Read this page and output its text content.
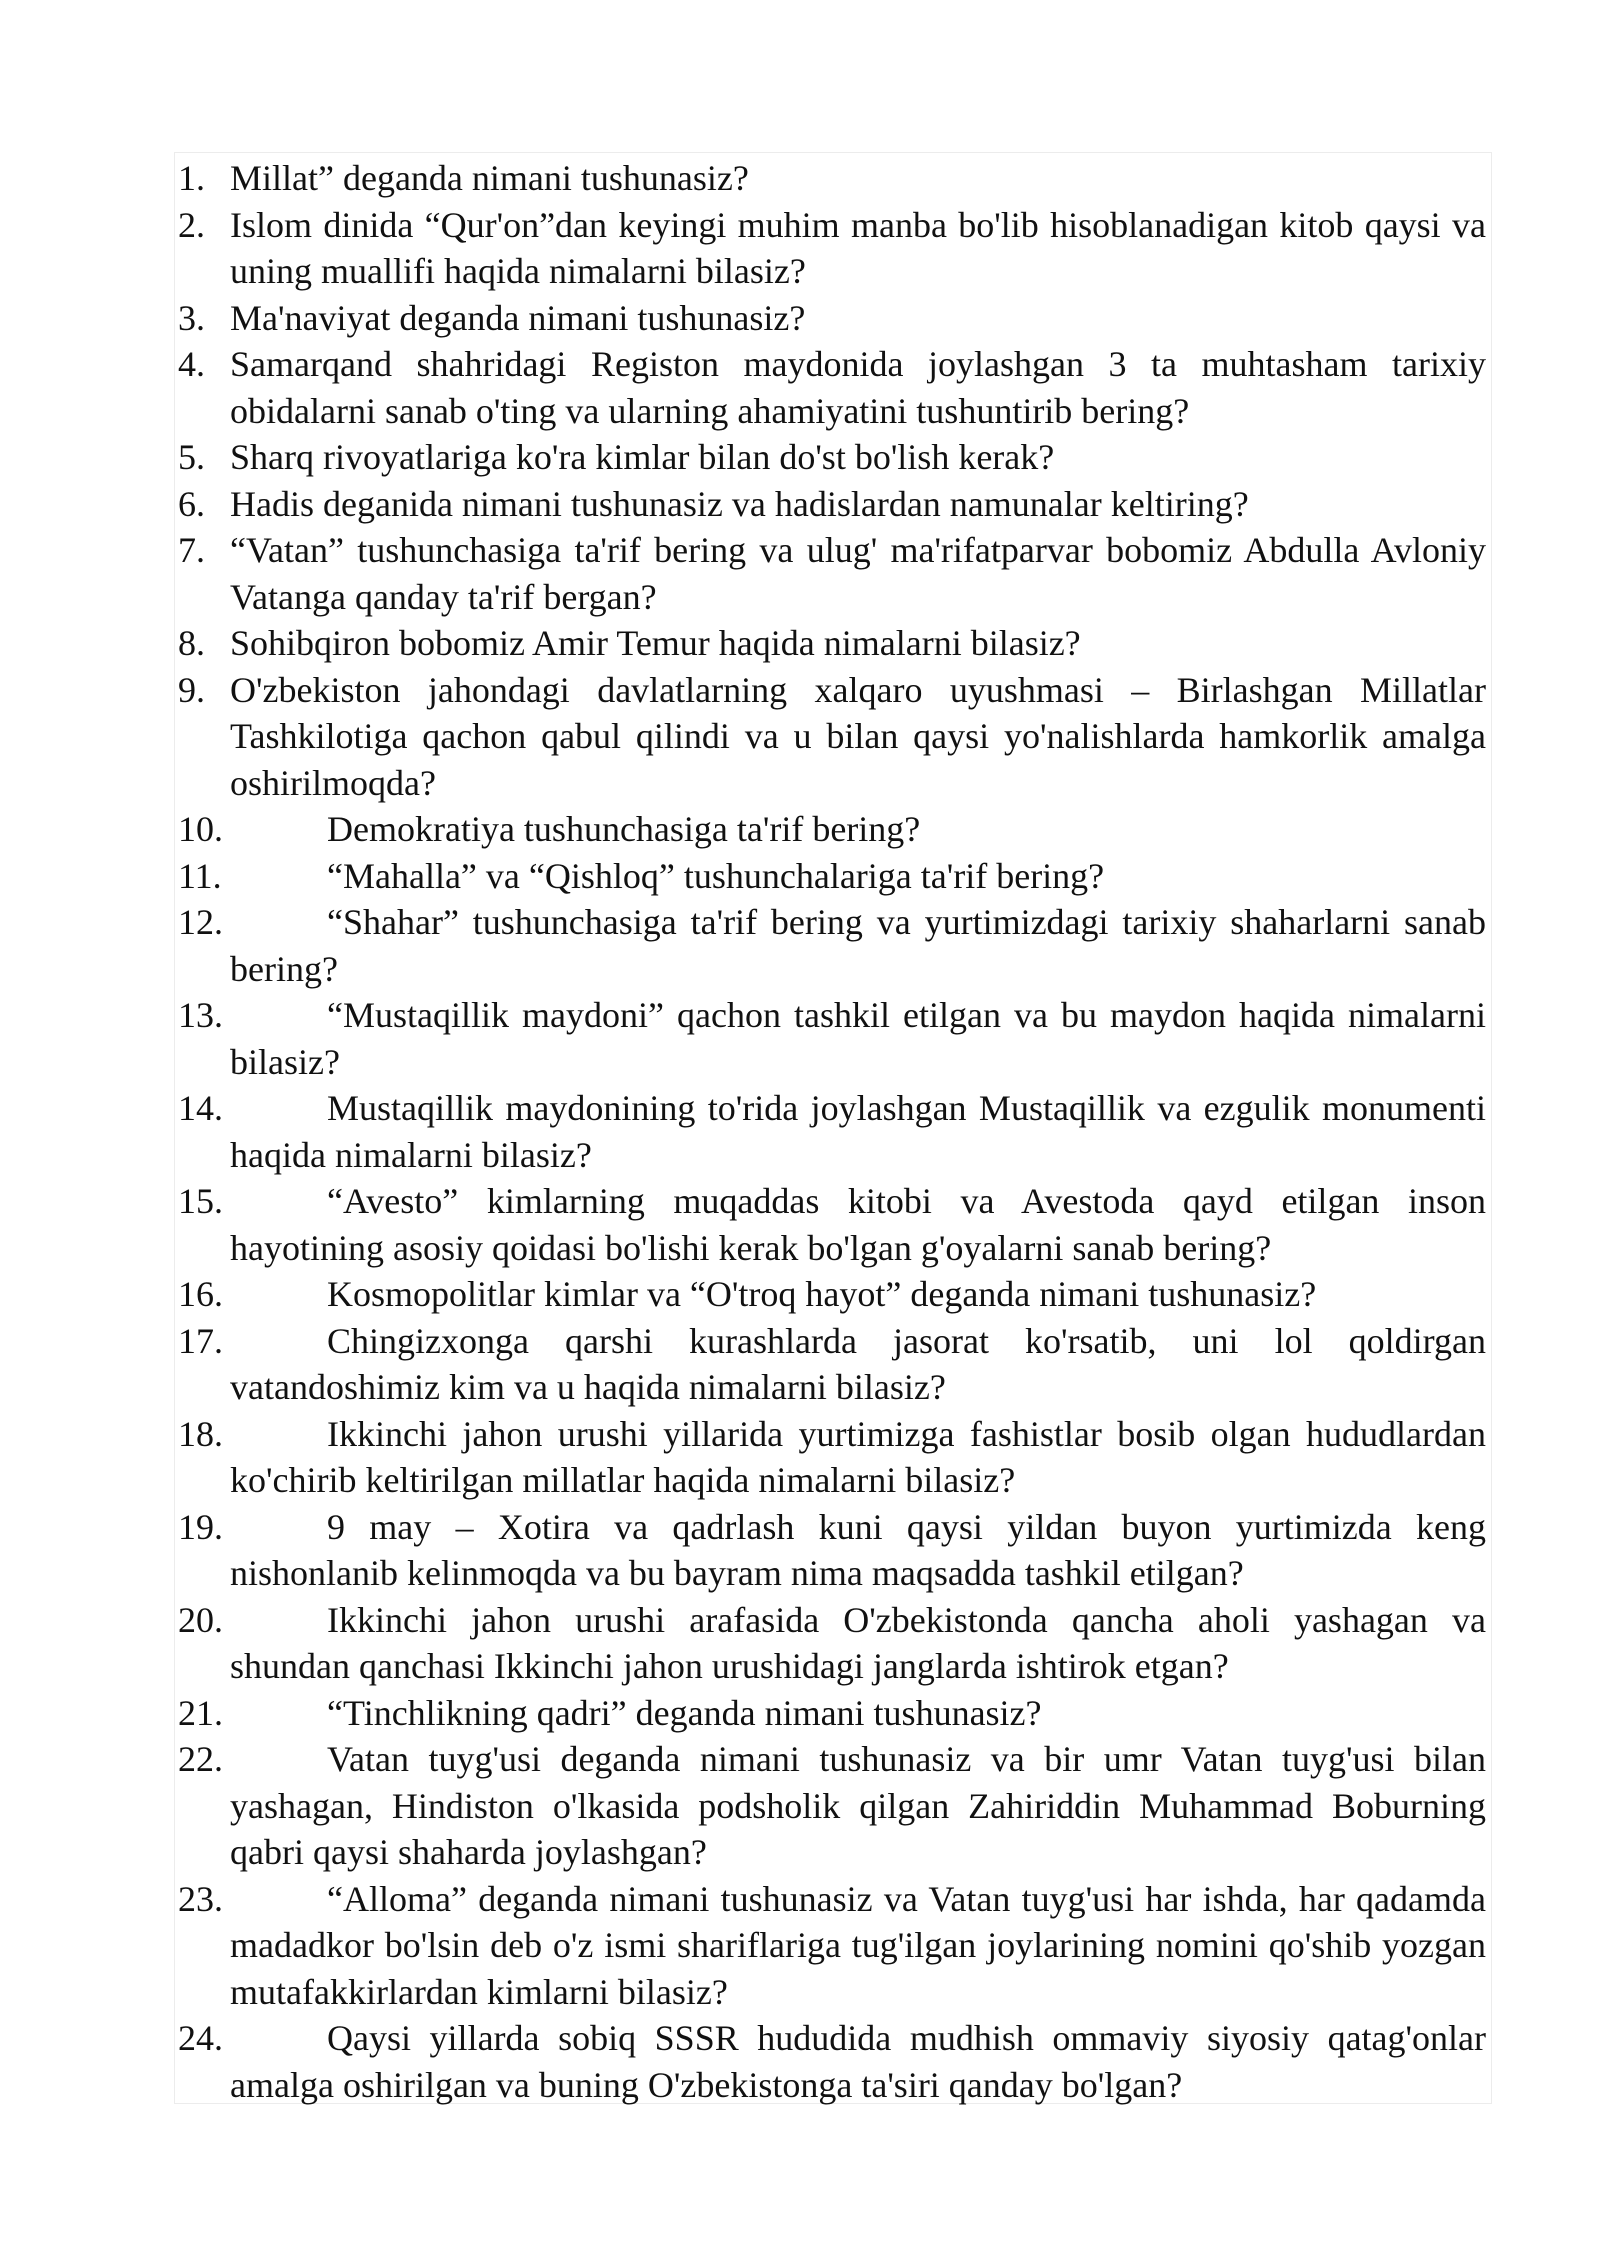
1. Millat” deganda nimani tushunasiz?
2. Islom dinida “Qur'on”dan keyingi muhim manba bo'lib hisoblanadigan kitob qaysi va uning muallifi haqida nimalarni bilasiz?
3. Ma'naviyat deganda nimani tushunasiz?
4. Samarqand shahridagi Registon maydonida joylashgan 3 ta muhtasham tarixiy obidalarni sanab o'ting va ularning ahamiyatini tushuntirib bering?
5. Sharq rivoyatlariga ko'ra kimlar bilan do'st bo'lish kerak?
6. Hadis deganida nimani tushunasiz va hadislardan namunalar keltiring?
7. “Vatan” tushunchasiga ta'rif bering va ulug' ma'rifatparvar bobomiz Abdulla Avloniy Vatanga qanday ta'rif bergan?
8. Sohibqiron bobomiz Amir Temur haqida nimalarni bilasiz?
9. O'zbekiston jahondagi davlatlarning xalqaro uyushmasi – Birlashgan Millatlar Tashkilotiga qachon qabul qilindi va u bilan qaysi yo'nalishlarda hamkorlik amalga oshirilmoqda?
10.	Demokratiya tushunchasiga ta'rif bering?
11.	“Mahalla” va “Qishloq” tushunchalariga ta'rif bering?
12.	“Shahar” tushunchasiga ta'rif bering va yurtimizdagi tarixiy shaharlarni sanab bering?
13.	“Mustaqillik maydoni” qachon tashkil etilgan va bu maydon haqida nimalarni bilasiz?
14.	Mustaqillik maydonining to'rida joylashgan Mustaqillik va ezgulik monumenti haqida nimalarni bilasiz?
15.	“Avesto” kimlarning muqaddas kitobi va Avestoda qayd etilgan inson hayotining asosiy qoidasi bo'lishi kerak bo'lgan g'oyalarni sanab bering?
16.	Kosmopolitlar kimlar va “O'troq hayot” deganda nimani tushunasiz?
17.	Chingizxonga qarshi kurashlarda jasorat ko'rsatib, uni lol qoldirgan vatandoshimiz kim va u haqida nimalarni bilasiz?
18.	Ikkinchi jahon urushi yillarida yurtimizga fashistlar bosib olgan hududlardan ko'chirib keltirilgan millatlar haqida nimalarni bilasiz?
19.	9 may – Xotira va qadrlash kuni qaysi yildan buyon yurtimizda keng nishonlanib kelinmoqda va bu bayram nima maqsadda tashkil etilgan?
20.	Ikkinchi jahon urushi arafasida O'zbekistonda qancha aholi yashagan va shundan qanchasi Ikkinchi jahon urushidagi janglarda ishtirok etgan?
21.	“Tinchlikning qadri” deganda nimani tushunasiz?
22.	Vatan tuyg'usi deganda nimani tushunasiz va bir umr Vatan tuyg'usi bilan yashagan, Hindiston o'lkasida podsholik qilgan Zahiriddin Muhammad Boburning qabri qaysi shaharda joylashgan?
23.	“Alloma” deganda nimani tushunasiz va Vatan tuyg'usi har ishda, har qadamda madadkor bo'lsin deb o'z ismi shariflariga tug'ilgan joylarining nomini qo'shib yozgan mutafakkirlardan kimlarni bilasiz?
24.	Qaysi yillarda sobiq SSSR hududida mudhish ommaviy siyosiy qatag'onlar amalga oshirilgan va buning O'zbekistonga ta'siri qanday bo'lgan?
